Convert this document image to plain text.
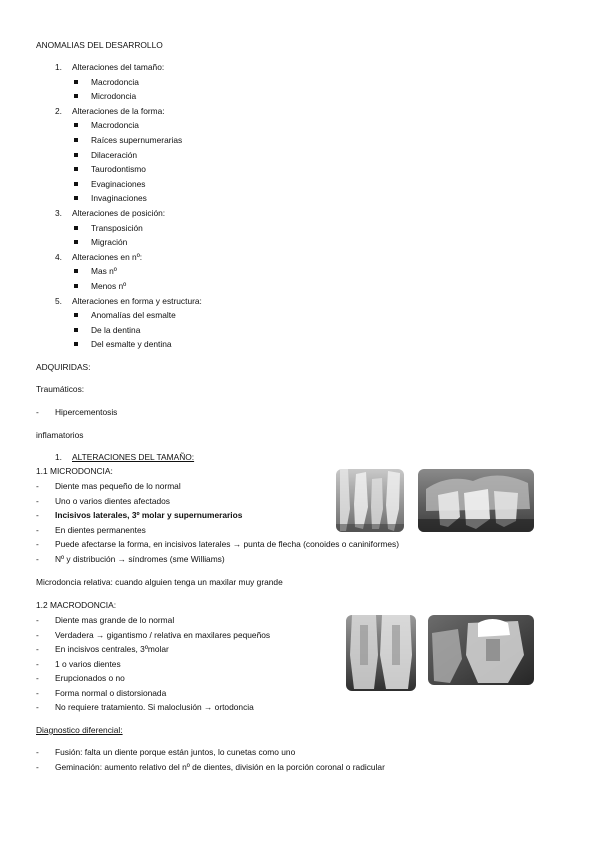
ANOMALIAS DEL DESARROLLO
1. Alteraciones del tamaño:
Macrodoncia
Microdoncia
2. Alteraciones de la forma:
Macrodoncia
Raíces supernumerarias
Dilaceración
Taurodontismo
Evaginaciones
Invaginaciones
3. Alteraciones de posición:
Transposición
Migración
4. Alteraciones en nº:
Mas nº
Menos nº
5. Alteraciones en forma y estructura:
Anomalías del esmalte
De la dentina
Del esmalte y dentina
ADQUIRIDAS:
Traumáticos:
- Hipercementosis
inflamatorios
1. ALTERACIONES DEL TAMAÑO:
1.1 MICRODONCIA:
- Diente mas pequeño de lo normal
- Uno o varios dientes afectados
- Incisivos laterales, 3º molar y supernumerarios
- En dientes permanentes
- Puede afectarse la forma, en incisivos laterales → punta de flecha (conoides o caniniformes)
- Nº y distribución → síndromes (sme Williams)
Microdoncia relativa: cuando alguien tenga un maxilar muy grande
1.2 MACRODONCIA:
- Diente mas grande de lo normal
- Verdadera → gigantismo / relativa en maxilares pequeños
- En incisivos centrales, 3ºmolar
- 1 o varios dientes
- Erupcionados o no
- Forma normal o distorsionada
- No requiere tratamiento. Si maloclusión → ortodoncia
Diagnostico diferencial:
- Fusión: falta un diente porque están juntos, lo cunetas como uno
- Geminación: aumento relativo del nº de dientes, división en la porción coronal o radicular
